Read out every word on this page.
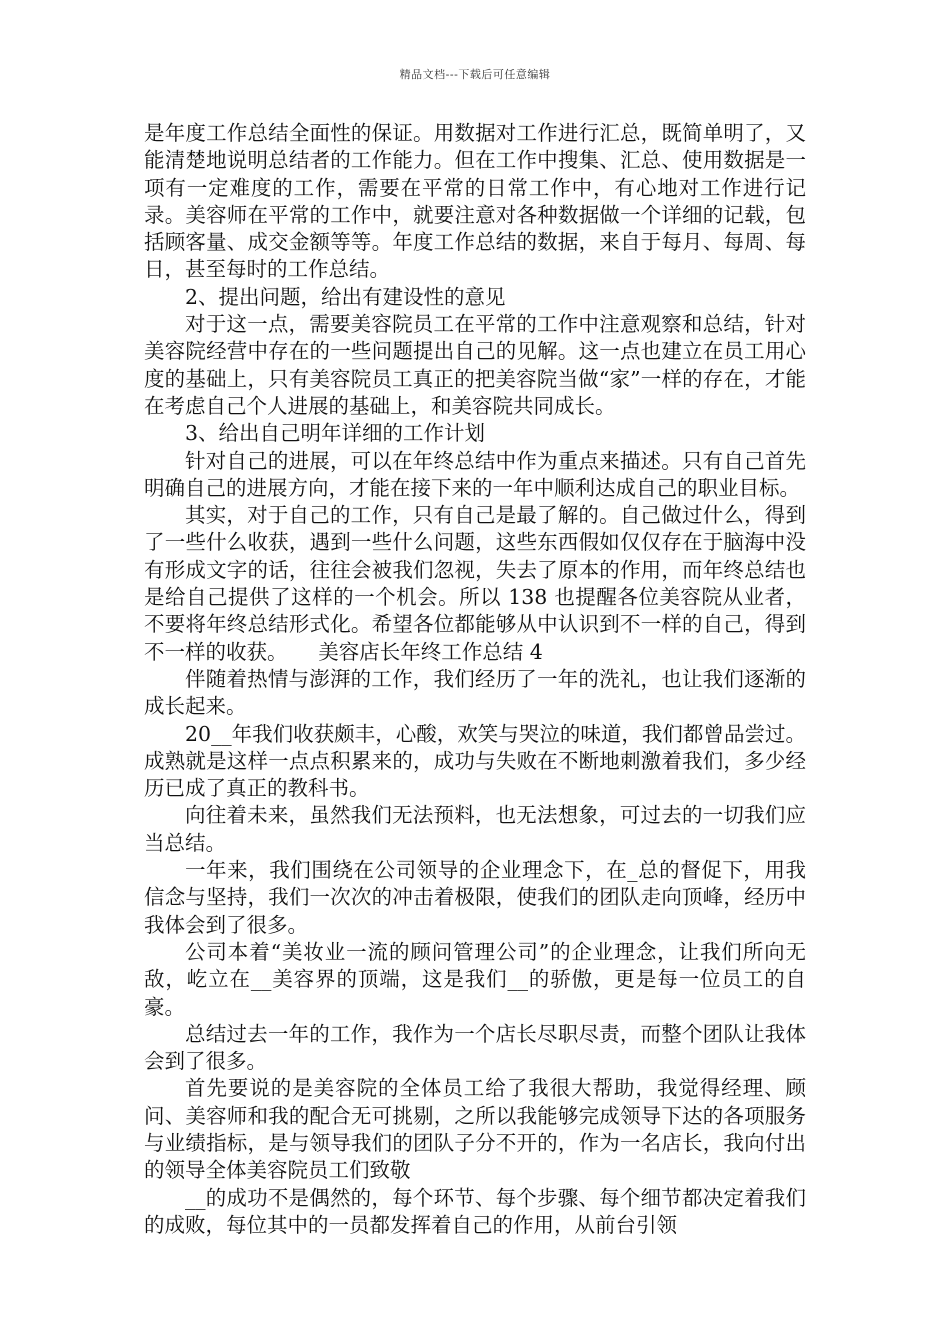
精品文档---下载后可任意编辑

是年度工作总结全面性的保证。用数据对工作进行汇总，既简单明了，又能清楚地说明总结者的工作能力。但在工作中搜集、汇总、使用数据是一项有一定难度的工作，需要在平常的日常工作中，有心地对工作进行记录。美容师在平常的工作中，就要注意对各种数据做一个详细的记载，包括顾客量、成交金额等等。年度工作总结的数据，来自于每月、每周、每日，甚至每时的工作总结。

2、提出问题，给出有建设性的意见

对于这一点，需要美容院员工在平常的工作中注意观察和总结，针对美容院经营中存在的一些问题提出自己的见解。这一点也建立在员工用心度的基础上，只有美容院员工真正的把美容院当做“家”一样的存在，才能在考虑自己个人进展的基础上，和美容院共同成长。

3、给出自己明年详细的工作计划

针对自己的进展，可以在年终总结中作为重点来描述。只有自己首先明确自己的进展方向，才能在接下来的一年中顺利达成自己的职业目标。

其实，对于自己的工作，只有自己是最了解的。自己做过什么，得到了一些什么收获，遇到一些什么问题，这些东西假如仅仅存在于脑海中没有形成文字的话，往往会被我们忽视，失去了原本的作用，而年终总结也是给自己提供了这样的一个机会。所以 138 也提醒各位美容院从业者，不要将年终总结形式化。希望各位都能够从中认识到不一样的自己，得到不一样的收获。　　美容店长年终工作总结 4

伴随着热情与澎湃的工作，我们经历了一年的洗礼，也让我们逐渐的成长起来。

20__年我们收获颇丰，心酸，欢笑与哭泣的味道，我们都曾品尝过。成熟就是这样一点点积累来的，成功与失败在不断地刺激着我们，多少经历已成了真正的教科书。

向往着未来，虽然我们无法预料，也无法想象，可过去的一切我们应当总结。

一年来，我们围绕在公司领导的企业理念下，在_总的督促下，用我信念与坚持，我们一次次的冲击着极限，使我们的团队走向顶峰，经历中我体会到了很多。

公司本着“美妆业一流的顾问管理公司”的企业理念，让我们所向无敌，屹立在__美容界的顶端，这是我们__的骄傲，更是每一位员工的自豪。

总结过去一年的工作，我作为一个店长尽职尽责，而整个团队让我体会到了很多。

首先要说的是美容院的全体员工给了我很大帮助，我觉得经理、顾问、美容师和我的配合无可挑剔，之所以我能够完成领导下达的各项服务与业绩指标，是与领导我们的团队子分不开的，作为一名店长，我向付出的领导全体美容院员工们致敬

__的成功不是偶然的，每个环节、每个步骤、每个细节都决定着我们的成败，每位其中的一员都发挥着自己的作用，从前台引领
